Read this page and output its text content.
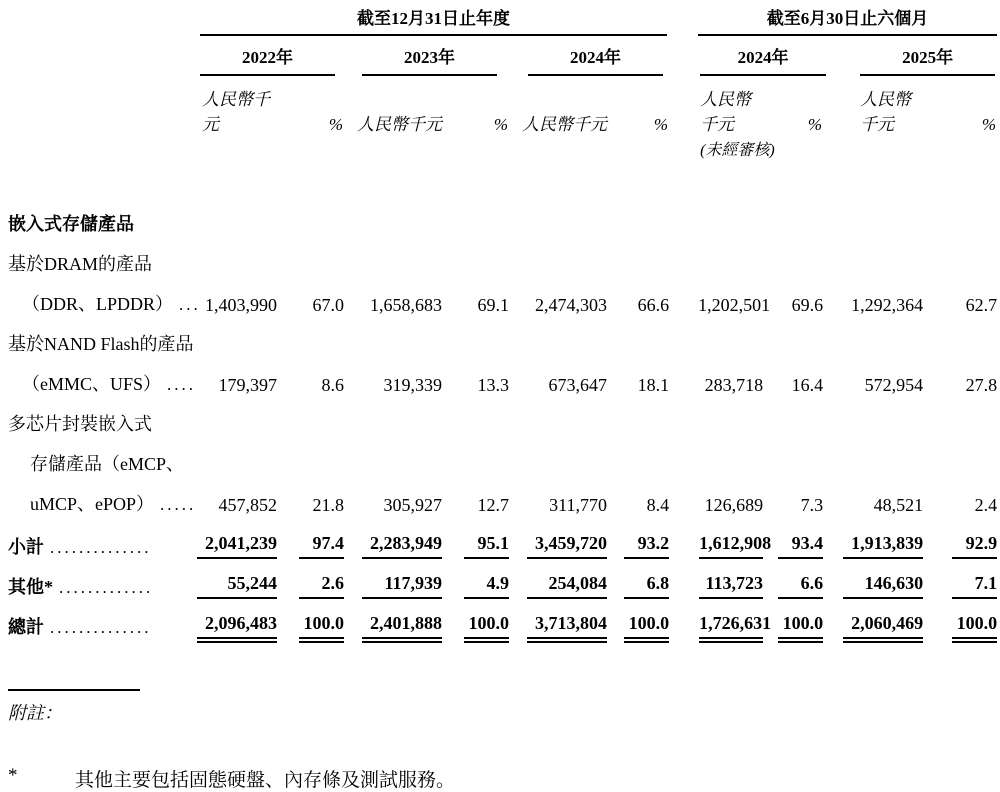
	截至12月31日止年度							截至6月30日止六個月			

	2022年		2023年		2024年			2024年		2025年	

	人民幣千元	%	人民幣千元	%	人民幣千元	%		人民幣千元	%	人民幣千元	%
								(未經審核)			

嵌入式存儲產品											
基於DRAM的產品											
（DDR、LPDDR） ...	1,403,990	67.0	1,658,683	69.1	2,474,303	66.6		1,202,501	69.6	1,292,364	62.7
基於NAND Flash的產品											
（eMMC、UFS） ....	179,397	8.6	319,339	13.3	673,647	18.1		283,718	16.4	572,954	27.8
多芯片封裝嵌入式											
存儲產品（eMCP、											
uMCP、ePOP） .....	457,852	21.8	305,927	12.7	311,770	8.4		126,689	7.3	48,521	2.4
小計 ..............	2,041,239	97.4	2,283,949	95.1	3,459,720	93.2		1,612,908	93.4	1,913,839	92.9
其他* .............	55,244	2.6	117,939	4.9	254,084	6.8		113,723	6.6	146,630	7.1
總計 ..............	2,096,483	100.0	2,401,888	100.0	3,713,804	100.0		1,726,631	100.0	2,060,469	100.0
附註：
*	其他主要包括固態硬盤、內存條及測試服務。
